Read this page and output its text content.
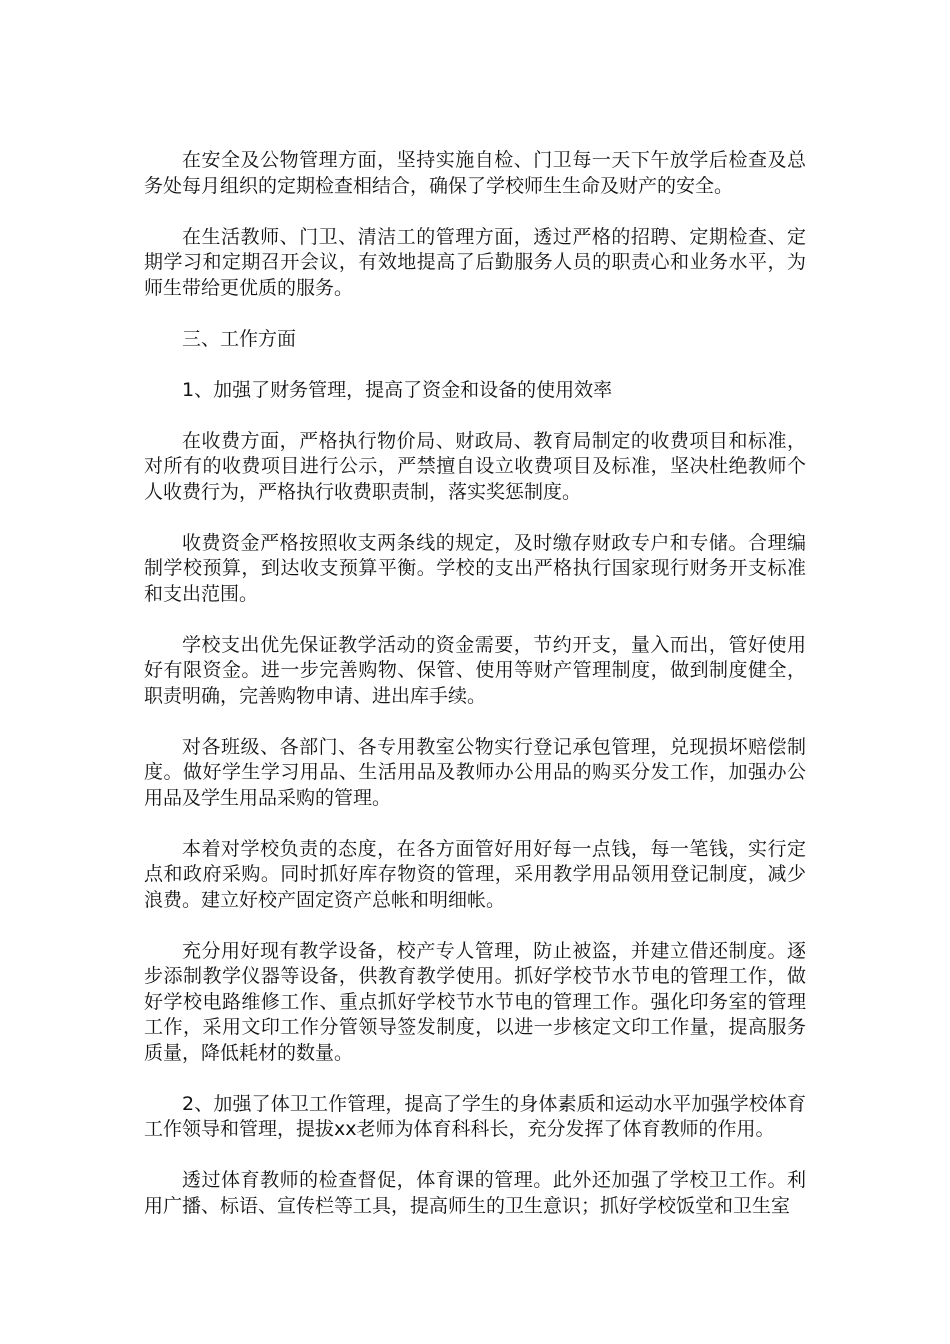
在安全及公物管理方面，坚持实施自检、门卫每一天下午放学后检查及总务处每月组织的定期检查相结合，确保了学校师生生命及财产的安全。

在生活教师、门卫、清洁工的管理方面，透过严格的招聘、定期检查、定期学习和定期召开会议，有效地提高了后勤服务人员的职责心和业务水平，为师生带给更优质的服务。

三、工作方面

1、加强了财务管理，提高了资金和设备的使用效率

在收费方面，严格执行物价局、财政局、教育局制定的收费项目和标准，对所有的收费项目进行公示，严禁擅自设立收费项目及标准，坚决杜绝教师个人收费行为，严格执行收费职责制，落实奖惩制度。

收费资金严格按照收支两条线的规定，及时缴存财政专户和专储。合理编制学校预算，到达收支预算平衡。学校的支出严格执行国家现行财务开支标准和支出范围。

学校支出优先保证教学活动的资金需要，节约开支，量入而出，管好使用好有限资金。进一步完善购物、保管、使用等财产管理制度，做到制度健全，职责明确，完善购物申请、进出库手续。

对各班级、各部门、各专用教室公物实行登记承包管理，兑现损坏赔偿制度。做好学生学习用品、生活用品及教师办公用品的购买分发工作，加强办公用品及学生用品采购的管理。

本着对学校负责的态度，在各方面管好用好每一点钱，每一笔钱，实行定点和政府采购。同时抓好库存物资的管理，采用教学用品领用登记制度，减少浪费。建立好校产固定资产总帐和明细帐。

充分用好现有教学设备，校产专人管理，防止被盗，并建立借还制度。逐步添制教学仪器等设备，供教育教学使用。抓好学校节水节电的管理工作，做好学校电路维修工作、重点抓好学校节水节电的管理工作。强化印务室的管理工作，采用文印工作分管领导签发制度，以进一步核定文印工作量，提高服务质量，降低耗材的数量。

2、加强了体卫工作管理，提高了学生的身体素质和运动水平加强学校体育工作领导和管理，提拔xx老师为体育科科长，充分发挥了体育教师的作用。

透过体育教师的检查督促，体育课的管理。此外还加强了学校卫工作。利用广播、标语、宣传栏等工具，提高师生的卫生意识；抓好学校饭堂和卫生室
